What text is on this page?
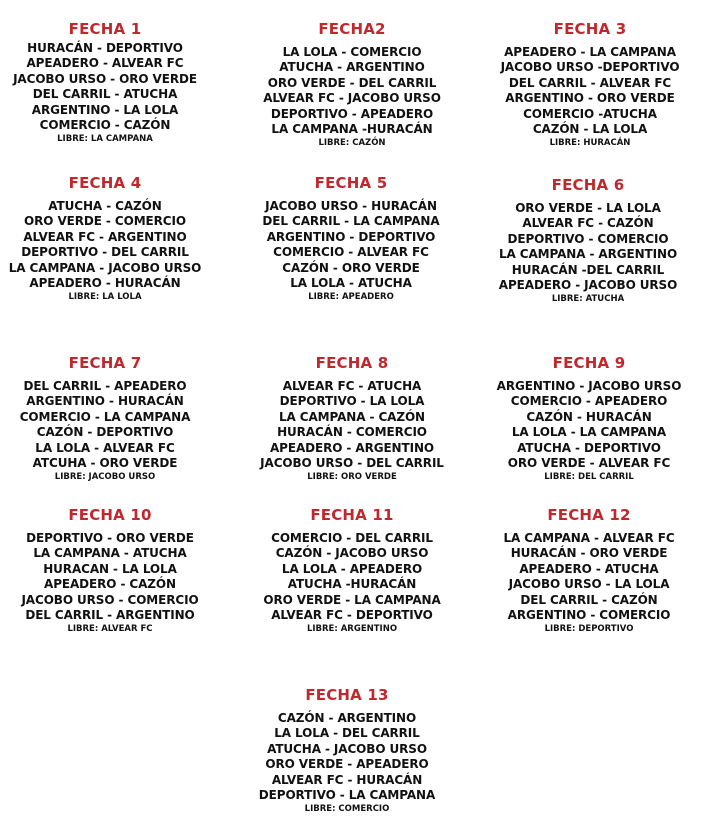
FECHA 1
HURACÁN - DEPORTIVO
APEADERO - ALVEAR FC
JACOBO URSO - ORO VERDE
DEL CARRIL - ATUCHA
ARGENTINO - LA LOLA
COMERCIO - CAZÓN
LIBRE: LA CAMPANA
FECHA2
LA LOLA - COMERCIO
ATUCHA - ARGENTINO
ORO VERDE - DEL CARRIL
ALVEAR FC - JACOBO URSO
DEPORTIVO - APEADERO
LA CAMPANA -HURACÁN
LIBRE: CAZÓN
FECHA 3
APEADERO - LA CAMPANA
JACOBO URSO -DEPORTIVO
DEL CARRIL - ALVEAR FC
ARGENTINO - ORO VERDE
COMERCIO -ATUCHA
CAZÓN - LA LOLA
LIBRE: HURACÁN
FECHA 4
ATUCHA - CAZÓN
ORO VERDE - COMERCIO
ALVEAR FC - ARGENTINO
DEPORTIVO - DEL CARRIL
LA CAMPANA - JACOBO URSO
APEADERO - HURACÁN
LIBRE: LA LOLA
FECHA 5
JACOBO URSO - HURACÁN
DEL CARRIL - LA CAMPANA
ARGENTINO - DEPORTIVO
COMERCIO - ALVEAR FC
CAZÓN - ORO VERDE
LA LOLA - ATUCHA
LIBRE: APEADERO
FECHA 6
ORO VERDE - LA LOLA
ALVEAR FC - CAZÓN
DEPORTIVO - COMERCIO
LA CAMPANA - ARGENTINO
HURACÁN -DEL CARRIL
APEADERO - JACOBO URSO
LIBRE: ATUCHA
FECHA 7
DEL CARRIL - APEADERO
ARGENTINO - HURACÁN
COMERCIO - LA CAMPANA
CAZÓN - DEPORTIVO
LA LOLA - ALVEAR FC
ATCUHA - ORO VERDE
LIBRE: JACOBO URSO
FECHA 8
ALVEAR FC - ATUCHA
DEPORTIVO - LA LOLA
LA CAMPANA - CAZÓN
HURACÁN - COMERCIO
APEADERO - ARGENTINO
JACOBO URSO - DEL CARRIL
LIBRE: ORO VERDE
FECHA 9
ARGENTINO - JACOBO URSO
COMERCIO - APEADERO
CAZÓN - HURACÁN
LA LOLA - LA CAMPANA
ATUCHA - DEPORTIVO
ORO VERDE - ALVEAR FC
LIBRE: DEL CARRIL
FECHA 10
DEPORTIVO - ORO VERDE
LA CAMPANA - ATUCHA
HURACAN - LA LOLA
APEADERO - CAZÓN
JACOBO URSO - COMERCIO
DEL CARRIL - ARGENTINO
LIBRE: ALVEAR FC
FECHA 11
COMERCIO - DEL CARRIL
CAZÓN - JACOBO URSO
LA LOLA - APEADERO
ATUCHA -HURACÁN
ORO VERDE - LA CAMPANA
ALVEAR FC - DEPORTIVO
LIBRE: ARGENTINO
FECHA 12
LA CAMPANA - ALVEAR FC
HURACÁN - ORO VERDE
APEADERO - ATUCHA
JACOBO URSO - LA LOLA
DEL CARRIL - CAZÓN
ARGENTINO - COMERCIO
LIBRE: DEPORTIVO
FECHA 13
CAZÓN - ARGENTINO
LA LOLA - DEL CARRIL
ATUCHA - JACOBO URSO
ORO VERDE - APEADERO
ALVEAR FC - HURACÁN
DEPORTIVO - LA CAMPANA
LIBRE: COMERCIO
